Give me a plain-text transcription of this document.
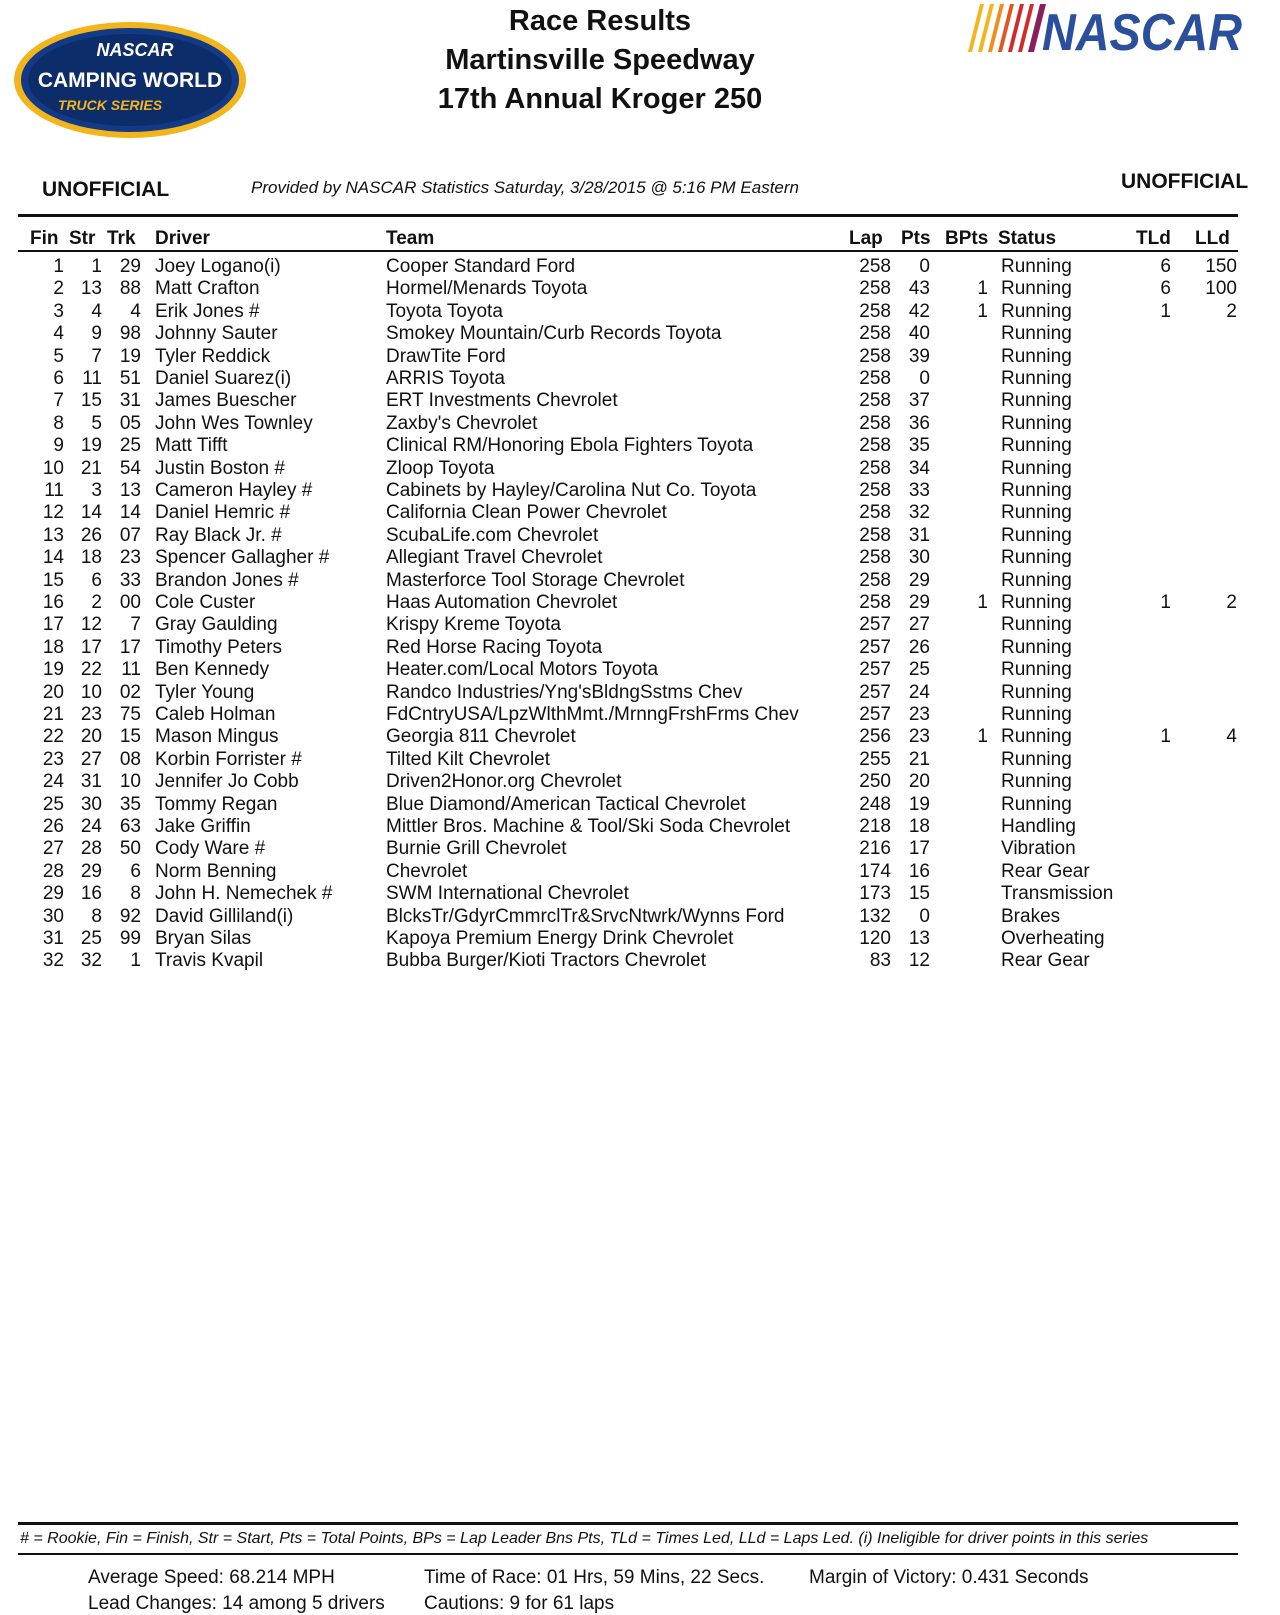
NASCAR
CAMPING WORLD
TRUCK SERIES
Race Results
Martinsville Speedway
17th Annual Kroger 250
NASCAR
UNOFFICIAL	UNOFFICIAL
Provided by NASCAR Statistics Saturday, 3/28/2015 @ 5:16 PM Eastern
Fin Str Trk Driver	Team	Lap Pts BPts Status	TLd LLd
1 1 29 Joey Logano(i)	Cooper Standard Ford	258 0	Running	6 150
2 13 88 Matt Crafton	Hormel/Menards Toyota	258 43 1 Running	6 100
3 4 4 Erik Jones #	Toyota Toyota	258 42 1 Running	1	2
4 9 98 Johnny Sauter	Smokey Mountain/Curb Records Toyota	258 40	Running
5 7 19 Tyler Reddick	DrawTite Ford	258 39	Running
6 11 51 Daniel Suarez(i)	ARRIS Toyota	258 0	Running
7 15 31 James Buescher	ERT Investments Chevrolet	258 37	Running
8 5 05 John Wes Townley	Zaxby's Chevrolet	258 36	Running
9 19 25 Matt Tifft	Clinical RM/Honoring Ebola Fighters Toyota	258 35	Running
10 21 54 Justin Boston #	Zloop Toyota	258 34	Running
11 3 13 Cameron Hayley #	Cabinets by Hayley/Carolina Nut Co. Toyota	258 33	Running
12 14 14 Daniel Hemric #	California Clean Power Chevrolet	258 32	Running
13 26 07 Ray Black Jr. #	ScubaLife.com Chevrolet	258 31	Running
14 18 23 Spencer Gallagher #	Allegiant Travel Chevrolet	258 30	Running
15 6 33 Brandon Jones #	Masterforce Tool Storage Chevrolet	258 29	Running
16 2 00 Cole Custer	Haas Automation Chevrolet	258 29 1 Running	1	2
17 12 7 Gray Gaulding	Krispy Kreme Toyota	257 27	Running
18 17 17 Timothy Peters	Red Horse Racing Toyota	257 26	Running
19 22 11 Ben Kennedy	Heater.com/Local Motors Toyota	257 25	Running
20 10 02 Tyler Young	Randco Industries/Yng'sBldngSstms Chev	257 24	Running
21 23 75 Caleb Holman	FdCntryUSA/LpzWlthMmt./MrnngFrshFrms Chev	257 23	Running
22 20 15 Mason Mingus	Georgia 811 Chevrolet	256 23 1 Running	1	4
23 27 08 Korbin Forrister #	Tilted Kilt Chevrolet	255 21	Running
24 31 10 Jennifer Jo Cobb	Driven2Honor.org Chevrolet	250 20	Running
25 30 35 Tommy Regan	Blue Diamond/American Tactical Chevrolet	248 19	Running
26 24 63 Jake Griffin	Mittler Bros. Machine & Tool/Ski Soda Chevrolet	218 18	Handling
27 28 50 Cody Ware #	Burnie Grill Chevrolet	216 17	Vibration
28 29 6 Norm Benning	Chevrolet	174 16	Rear Gear
29 16 8 John H. Nemechek #	SWM International Chevrolet	173 15	Transmission
30 8 92 David Gilliland(i)	BlcksTr/GdyrCmmrclTr&SrvcNtwrk/Wynns Ford	132 0	Brakes
31 25 99 Bryan Silas	Kapoya Premium Energy Drink Chevrolet	120 13	Overheating
32 32 1 Travis Kvapil	Bubba Burger/Kioti Tractors Chevrolet	83 12	Rear Gear
# = Rookie, Fin = Finish, Str = Start, Pts = Total Points, BPs = Lap Leader Bns Pts, TLd = Times Led, LLd = Laps Led. (i) Ineligible for driver points in this series
Average Speed: 68.214 MPH	Time of Race: 01 Hrs, 59 Mins, 22 Secs. Margin of Victory: 0.431 Seconds
Lead Changes: 14 among 5 drivers Cautions: 9 for 61 laps
